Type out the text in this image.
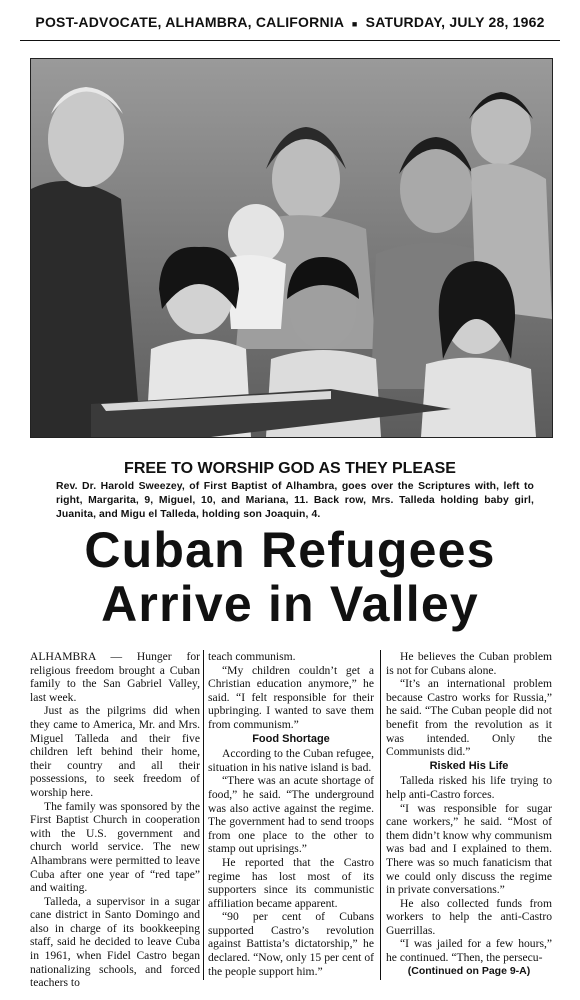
POST-ADVOCATE, ALHAMBRA, CALIFORNIA ■ SATURDAY, JULY 28, 1962
FREE TO WORSHIP GOD AS THEY PLEASE
Rev. Dr. Harold Sweezey, of First Baptist of Alhambra, goes over the Scriptures with, left to right, Margarita, 9, Miguel, 10, and Mariana, 11. Back row, Mrs. Talleda holding baby girl, Juanita, and Migu el Talleda, holding son Joaquin, 4.
Cuban Refugees
Arrive in Valley

ALHAMBRA — Hunger for religious freedom brought a Cuban family to the San Gabriel Valley, last week.

Just as the pilgrims did when they came to America, Mr. and Mrs. Miguel Talleda and their five children left behind their home, their country and all their possessions, to seek freedom of worship here.

The family was sponsored by the First Baptist Church in cooperation with the U.S. government and church world service. The new Alhambrans were permitted to leave Cuba after one year of “red tape” and waiting.

Talleda, a supervisor in a sugar cane district in Santo Domingo and also in charge of its bookkeeping staff, said he decided to leave Cuba in 1961, when Fidel Castro began nationalizing schools, and forced teachers to

teach communism.

“My children couldn’t get a Christian education anymore,” he said. “I felt responsible for their upbringing. I wanted to save them from communism.”

Food Shortage

According to the Cuban refugee, situation in his native island is bad.

“There was an acute shortage of food,” he said. “The underground was also active against the regime. The government had to send troops from one place to the other to stamp out uprisings.”

He reported that the Castro regime has lost most of its supporters since its communistic affiliation became apparent.

“90 per cent of Cubans supported Castro’s revolution against Battista’s dictatorship,” he declared. “Now, only 15 per cent of the people support him.”

He believes the Cuban problem is not for Cubans alone.

“It’s an international problem because Castro works for Russia,” he said. “The Cuban people did not benefit from the revolution as it was intended. Only the Communists did.”

Risked His Life

Talleda risked his life trying to help anti-Castro forces.

“I was responsible for sugar cane workers,” he said. “Most of them didn’t know why communism was bad and I explained to them. There was so much fanaticism that we could only discuss the regime in private conversations.”

He also collected funds from workers to help the anti-Castro Guerrillas.

“I was jailed for a few hours,” he continued. “Then, the persecu-

(Continued on Page 9-A)
